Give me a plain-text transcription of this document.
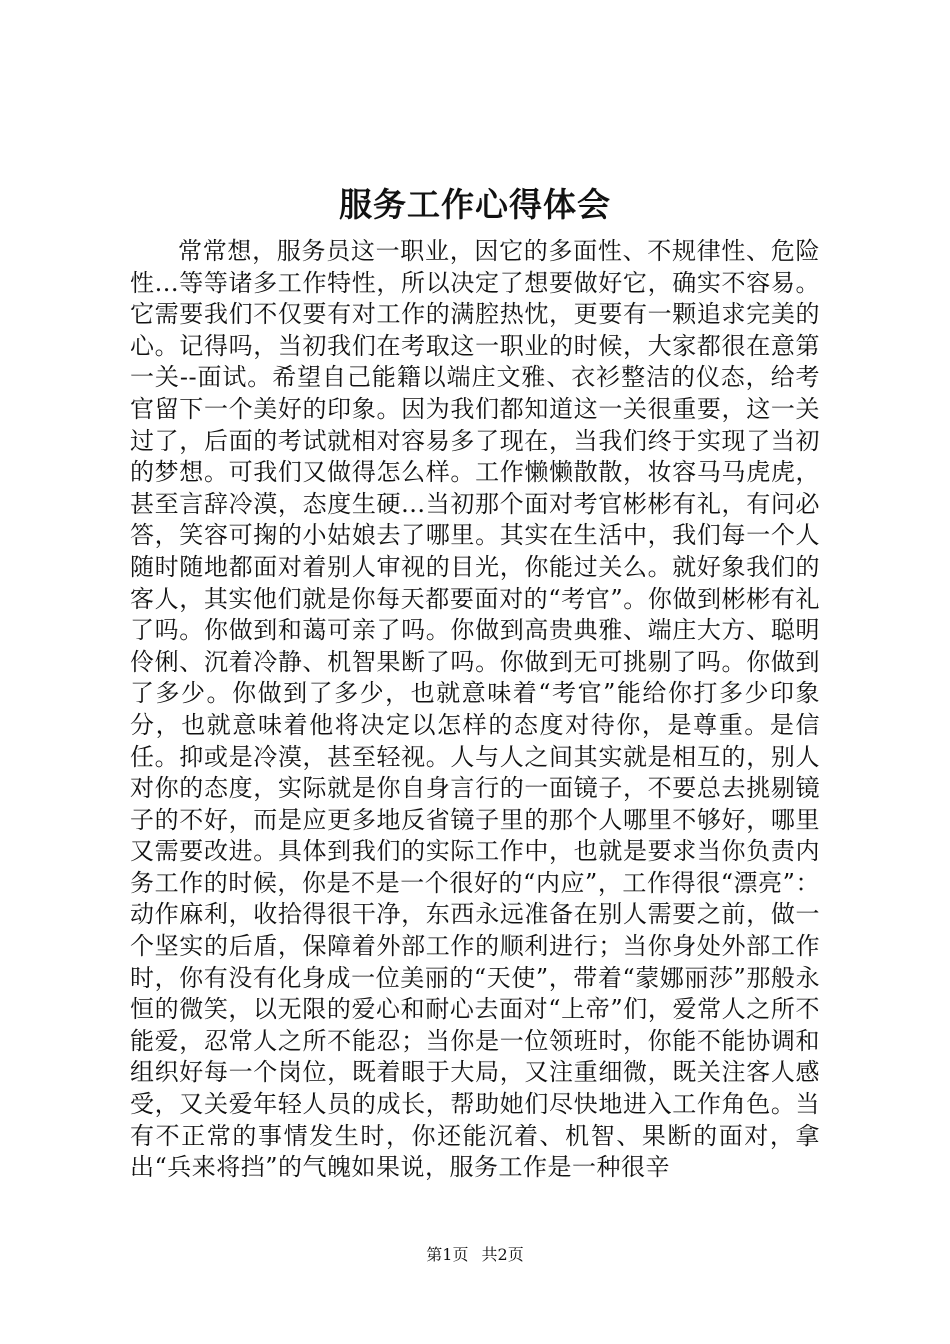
服务工作心得体会

常常想，服务员这一职业，因它的多面性、不规律性、危险性...等等诸多工作特性，所以决定了想要做好它，确实不容易。它需要我们不仅要有对工作的满腔热忱，更要有一颗追求完美的心。记得吗，当初我们在考取这一职业的时候，大家都很在意第一关--面试。希望自己能籍以端庄文雅、衣衫整洁的仪态，给考官留下一个美好的印象。因为我们都知道这一关很重要，这一关过了，后面的考试就相对容易多了现在，当我们终于实现了当初的梦想。可我们又做得怎么样。工作懒懒散散，妆容马马虎虎，甚至言辞冷漠，态度生硬...当初那个面对考官彬彬有礼，有问必答，笑容可掬的小姑娘去了哪里。其实在生活中，我们每一个人随时随地都面对着别人审视的目光，你能过关么。就好象我们的客人，其实他们就是你每天都要面对的“考官”。你做到彬彬有礼了吗。你做到和蔼可亲了吗。你做到高贵典雅、端庄大方、聪明伶俐、沉着冷静、机智果断了吗。你做到无可挑剔了吗。你做到了多少。你做到了多少，也就意味着“考官”能给你打多少印象分，也就意味着他将决定以怎样的态度对待你，是尊重。是信任。抑或是冷漠，甚至轻视。人与人之间其实就是相互的，别人对你的态度，实际就是你自身言行的一面镜子，不要总去挑剔镜子的不好，而是应更多地反省镜子里的那个人哪里不够好，哪里又需要改进。具体到我们的实际工作中，也就是要求当你负责内务工作的时候，你是不是一个很好的“内应”，工作得很“漂亮”：动作麻利，收拾得很干净，东西永远准备在别人需要之前，做一个坚实的后盾，保障着外部工作的顺利进行；当你身处外部工作时，你有没有化身成一位美丽的“天使”，带着“蒙娜丽莎”那般永恒的微笑，以无限的爱心和耐心去面对“上帝”们，爱常人之所不能爱，忍常人之所不能忍；当你是一位领班时，你能不能协调和组织好每一个岗位，既着眼于大局，又注重细微，既关注客人感受，又关爱年轻人员的成长，帮助她们尽快地进入工作角色。当有不正常的事情发生时，你还能沉着、机智、果断的面对，拿出“兵来将挡”的气魄如果说，服务工作是一种很辛

第1页 共2页
